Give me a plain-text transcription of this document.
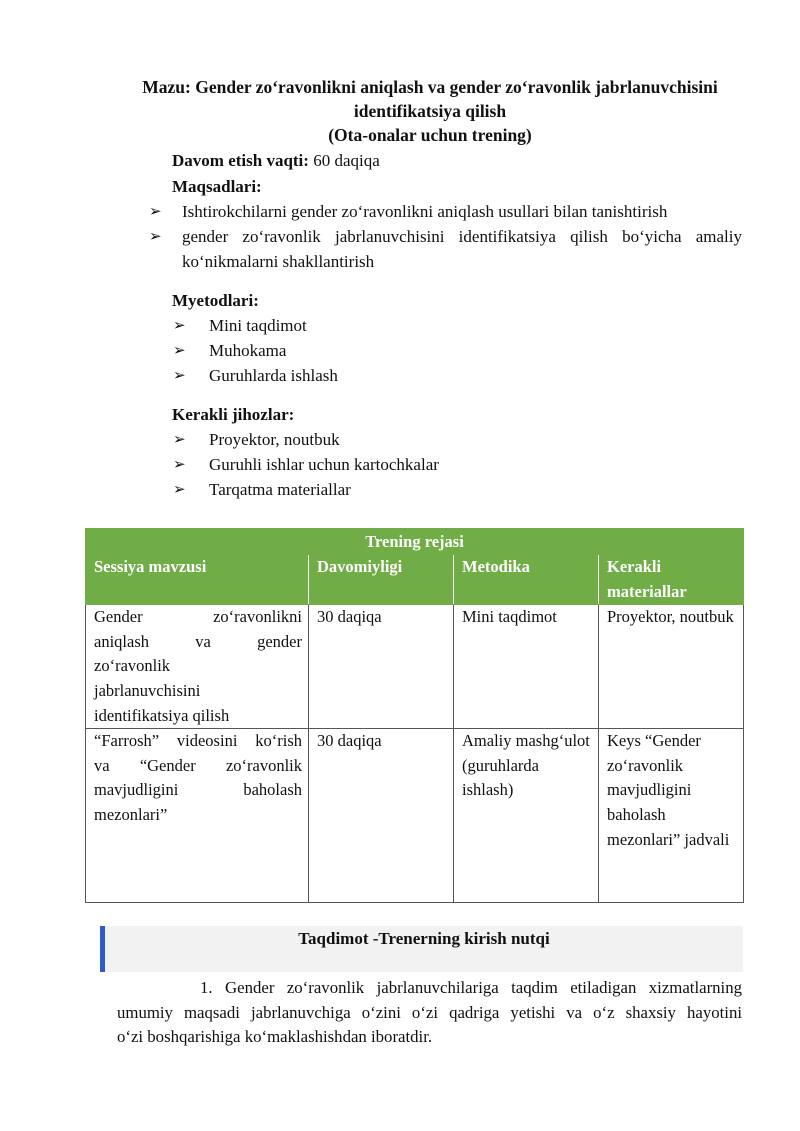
Mazu: Gender zo‘ravonlikni aniqlash va gender zo‘ravonlik jabrlanuvchisini
identifikatsiya qilish
(Ota-onalar uchun trening)
Davom etish vaqti: 60 daqiqa
Maqsadlari:
➢ Ishtirokchilarni gender zo‘ravonlikni aniqlash usullari bilan tanishtirish
➢ gender zo‘ravonlik jabrlanuvchisini identifikatsiya qilish bo‘yicha amaliy
ko‘nikmalarni shakllantirish
Myetodlari:
➢ Mini taqdimot
➢ Muhokama
➢ Guruhlarda ishlash
Kerakli jihozlar:
➢ Proyektor, noutbuk
➢ Guruhli ishlar uchun kartochkalar
➢ Tarqatma materiallar
Trening rejasi			
Sessiya mavzusi	Davomiyligi	Metodika	Kerakli
materiallar

Gender zo‘ravonlikni
aniqlash va gender
zo‘ravonlik
jabrlanuvchisini
identifikatsiya qilish	30 daqiqa	Mini taqdimot	Proyektor, noutbuk

“Farrosh” videosini ko‘rish
va “Gender zo‘ravonlik
mavjudligini baholash
mezonlari”	30 daqiqa	Amaliy mashg‘ulot (guruhlarda ishlash)	Keys “Gender zo‘ravonlik mavjudligini baholash mezonlari” jadvali
Taqdimot -Trenerning kirish nutqi
1. Gender zo‘ravonlik jabrlanuvchilariga taqdim etiladigan xizmatlarning
umumiy maqsadi jabrlanuvchiga o‘zini o‘zi qadriga yetishi va o‘z shaxsiy hayotini
o‘zi boshqarishiga ko‘maklashishdan iboratdir.
